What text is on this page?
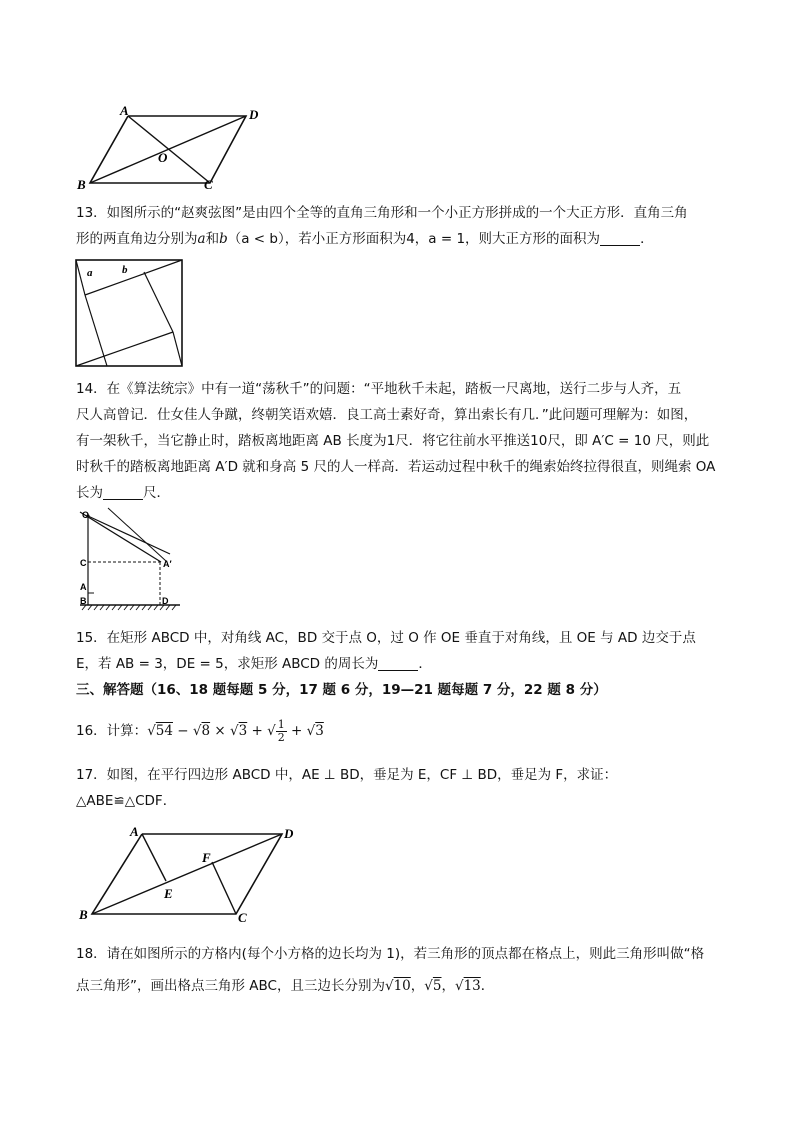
A	D
O
B	C
13．如图所示的“赵爽弦图”是由四个全等的直角三角形和一个小正方形拼成的一个大正方形．直角三角
形的两直角边分别为a和b（a < b），若小正方形面积为4，a = 1，则大正方形的面积为	．
a	b
14．在《算法统宗》中有一道“荡秋千”的问题：“平地秋千未起，踏板一尺离地，送行二步与人齐，五
尺人高曾记．仕女佳人争蹴，终朝笑语欢嬉．良工高士素好奇，算出索长有几．”此问题可理解为：如图，
有一架秋千，当它静止时，踏板离地距离 AB 长度为1尺．将它往前水平推送10尺，即 A′C = 10 尺，则此
时秋千的踏板离地距离 A′D 就和身高 5 尺的人一样高．若运动过程中秋千的绳索始终拉得很直，则绳索 OA
长为	尺．
O
C
A
A′
B	D
15．在矩形 ABCD 中，对角线 AC，BD 交于点 O，过 O 作 OE 垂直于对角线，且 OE 与 AD 边交于点
E，若 AB = 3，DE = 5，求矩形 ABCD 的周长为	．
三、解答题（16、18 题每题 5 分，17 题 6 分，19—21 题每题 7 分，22 题 8 分）
16．计算：√54 − √8 × √3 + √ $\frac{1}{2} + √3$
17．如图，在平行四边形 ABCD 中，AE ⊥ BD，垂足为 E，CF ⊥ BD，垂足为 F，求证：
△ABE≌△CDF．
A	D
F
E
B	C
18．请在如图所示的方格内(每个小方格的边长均为 1)，若三角形的顶点都在格点上，则此三角形叫做“格
点三角形”，画出格点三角形 ABC，且三边长分别为√10，√5，√13．
